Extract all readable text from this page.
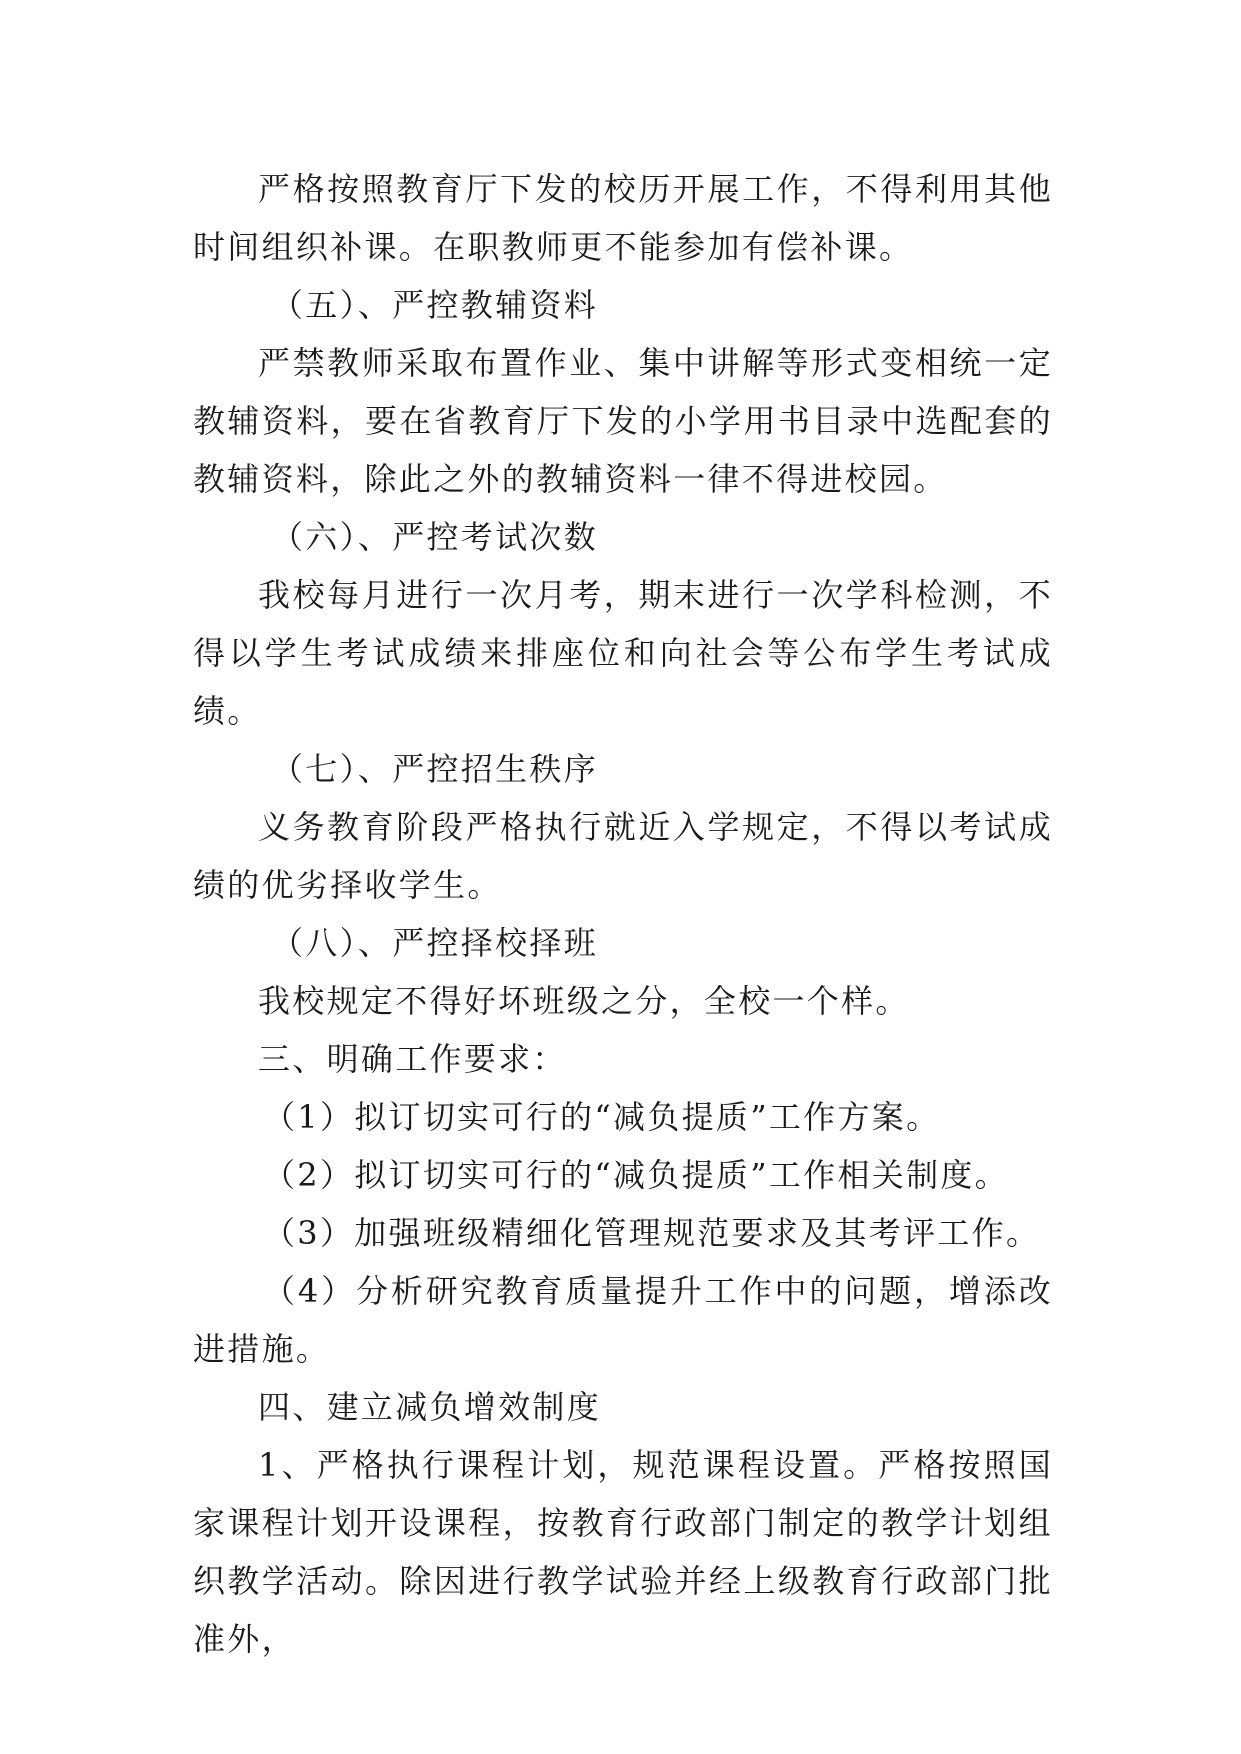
严格按照教育厅下发的校历开展工作，不得利用其他时间组织补课。在职教师更不能参加有偿补课。

（五）、严控教辅资料

严禁教师采取布置作业、集中讲解等形式变相统一定教辅资料，要在省教育厅下发的小学用书目录中选配套的教辅资料，除此之外的教辅资料一律不得进校园。

（六）、严控考试次数

我校每月进行一次月考，期末进行一次学科检测，不得以学生考试成绩来排座位和向社会等公布学生考试成绩。

（七）、严控招生秩序

义务教育阶段严格执行就近入学规定，不得以考试成绩的优劣择收学生。

（八）、严控择校择班

我校规定不得好坏班级之分，全校一个样。

三、明确工作要求：

（1）拟订切实可行的“减负提质”工作方案。

（2）拟订切实可行的“减负提质”工作相关制度。

（3）加强班级精细化管理规范要求及其考评工作。

（4）分析研究教育质量提升工作中的问题，增添改进措施。

四、建立减负增效制度

1、严格执行课程计划，规范课程设置。严格按照国家课程计划开设课程，按教育行政部门制定的教学计划组织教学活动。除因进行教学试验并经上级教育行政部门批准外，
